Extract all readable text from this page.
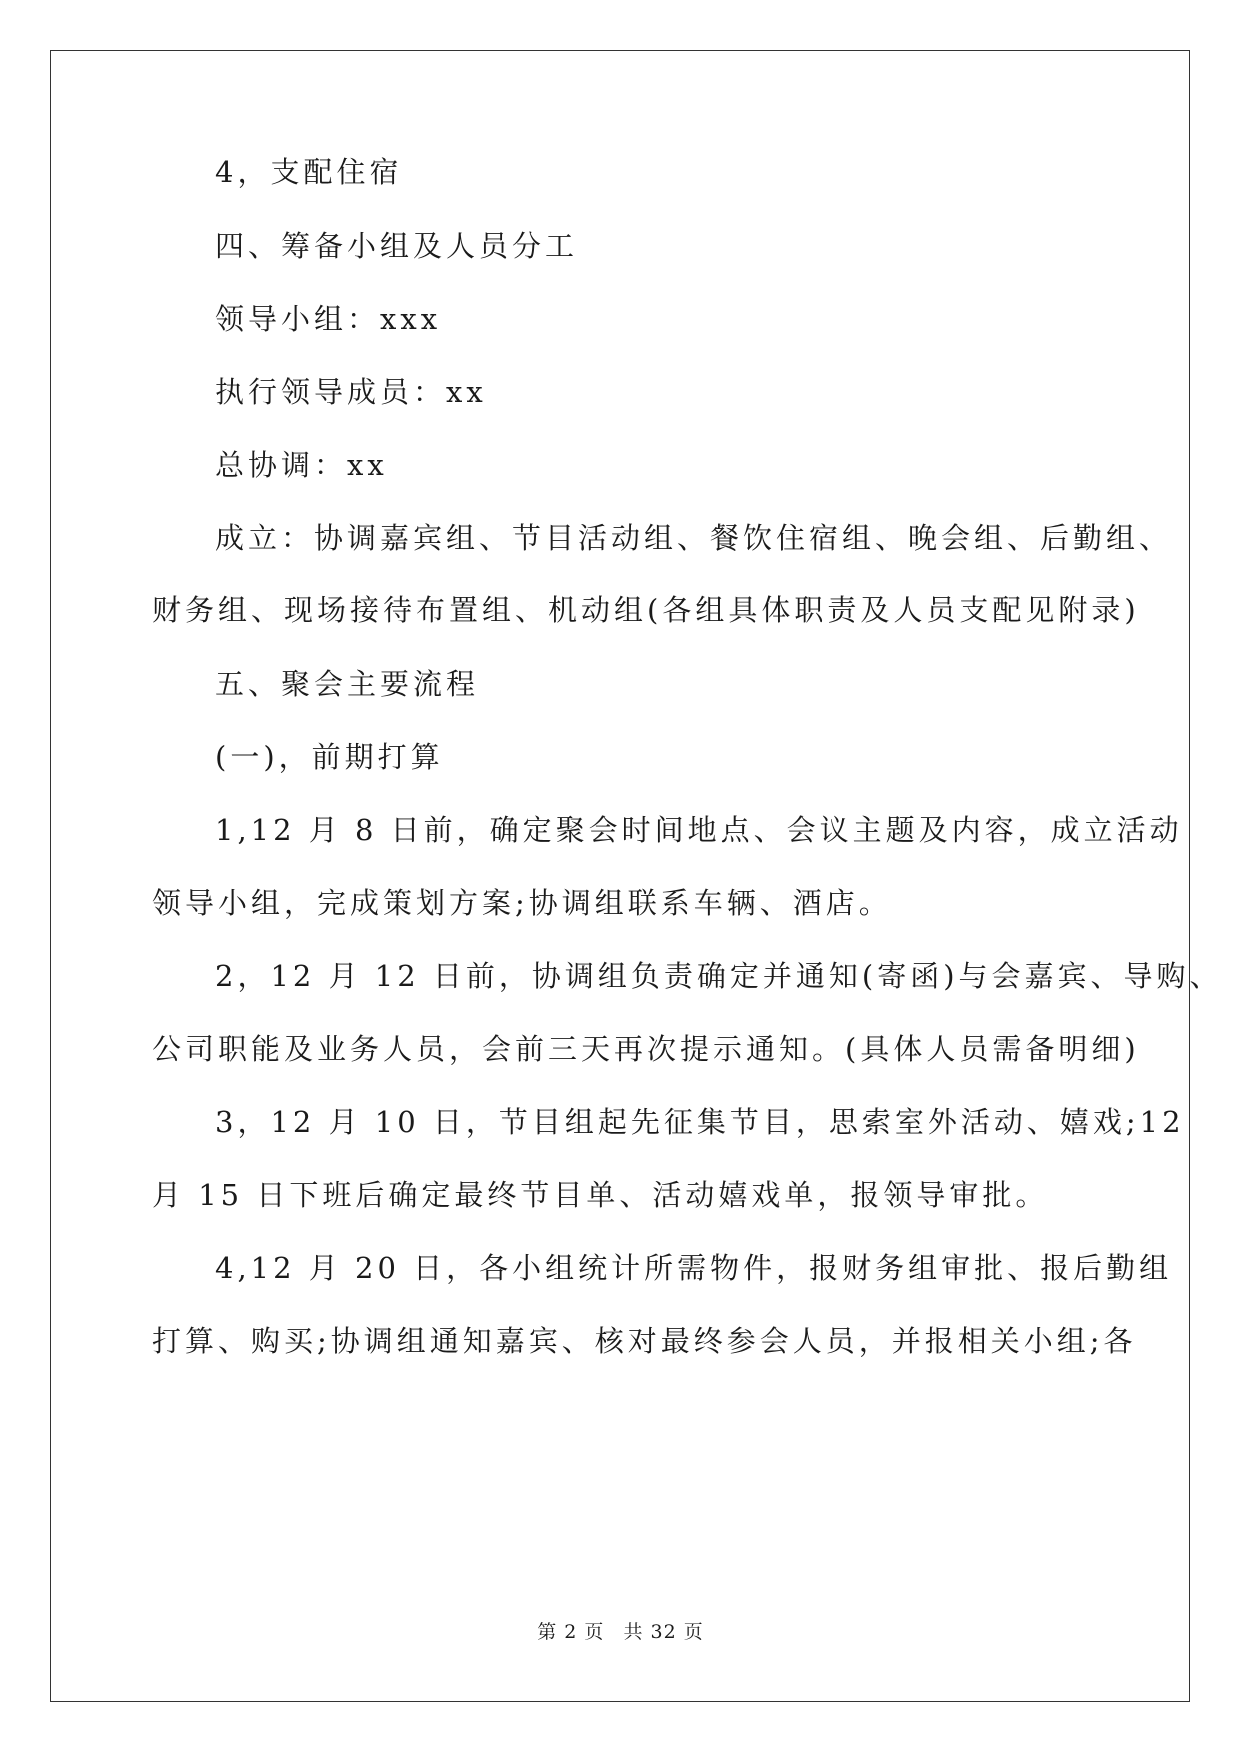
4，支配住宿
四、筹备小组及人员分工
领导小组：xxx
执行领导成员：xx
总协调：xx
成立：协调嘉宾组、节目活动组、餐饮住宿组、晚会组、后勤组、
财务组、现场接待布置组、机动组(各组具体职责及人员支配见附录)
五、聚会主要流程
(一)，前期打算
1,12 月 8 日前，确定聚会时间地点、会议主题及内容，成立活动
领导小组，完成策划方案;协调组联系车辆、酒店。
2，12 月 12 日前，协调组负责确定并通知(寄函)与会嘉宾、导购、
公司职能及业务人员，会前三天再次提示通知。(具体人员需备明细)
3，12 月 10 日，节目组起先征集节目，思索室外活动、嬉戏;12
月 15 日下班后确定最终节目单、活动嬉戏单，报领导审批。
4,12 月 20 日，各小组统计所需物件，报财务组审批、报后勤组
打算、购买;协调组通知嘉宾、核对最终参会人员，并报相关小组;各
第 2 页 共 32 页
